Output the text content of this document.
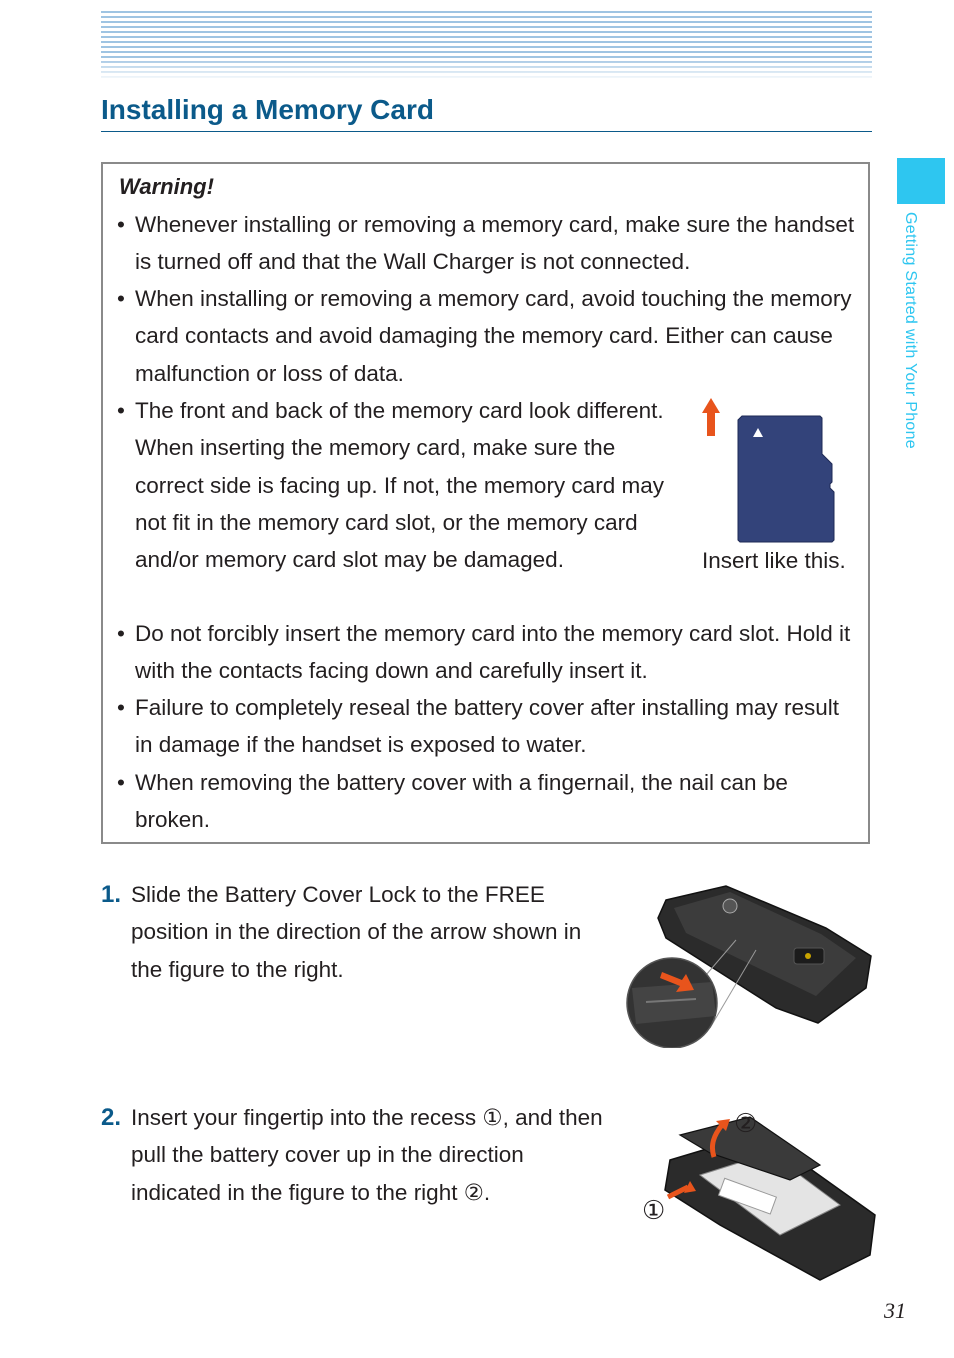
Installing a Memory Card
Getting Started with Your Phone
Warning!
• Whenever installing or removing a memory card, make sure the handset is turned off and that the Wall Charger is not connected.
• When installing or removing a memory card, avoid touching the memory card contacts and avoid damaging the memory card. Either can cause malfunction or loss of data.
• The front and back of the memory card look different. When inserting the memory card, make sure the correct side is facing up. If not, the memory card may not fit in the memory card slot, or the memory card and/or memory card slot may be damaged.
• Do not forcibly insert the memory card into the memory card slot. Hold it with the contacts facing down and carefully insert it.
• Failure to completely reseal the battery cover after installing may result in damage if the handset is exposed to water.
• When removing the battery cover with a fingernail, the nail can be broken.
Insert like this.
1. Slide the Battery Cover Lock to the FREE position in the direction of the arrow shown in the figure to the right.
2. Insert your fingertip into the recess ①, and then pull the battery cover up in the direction indicated in the figure to the right ②.
②
①
31
